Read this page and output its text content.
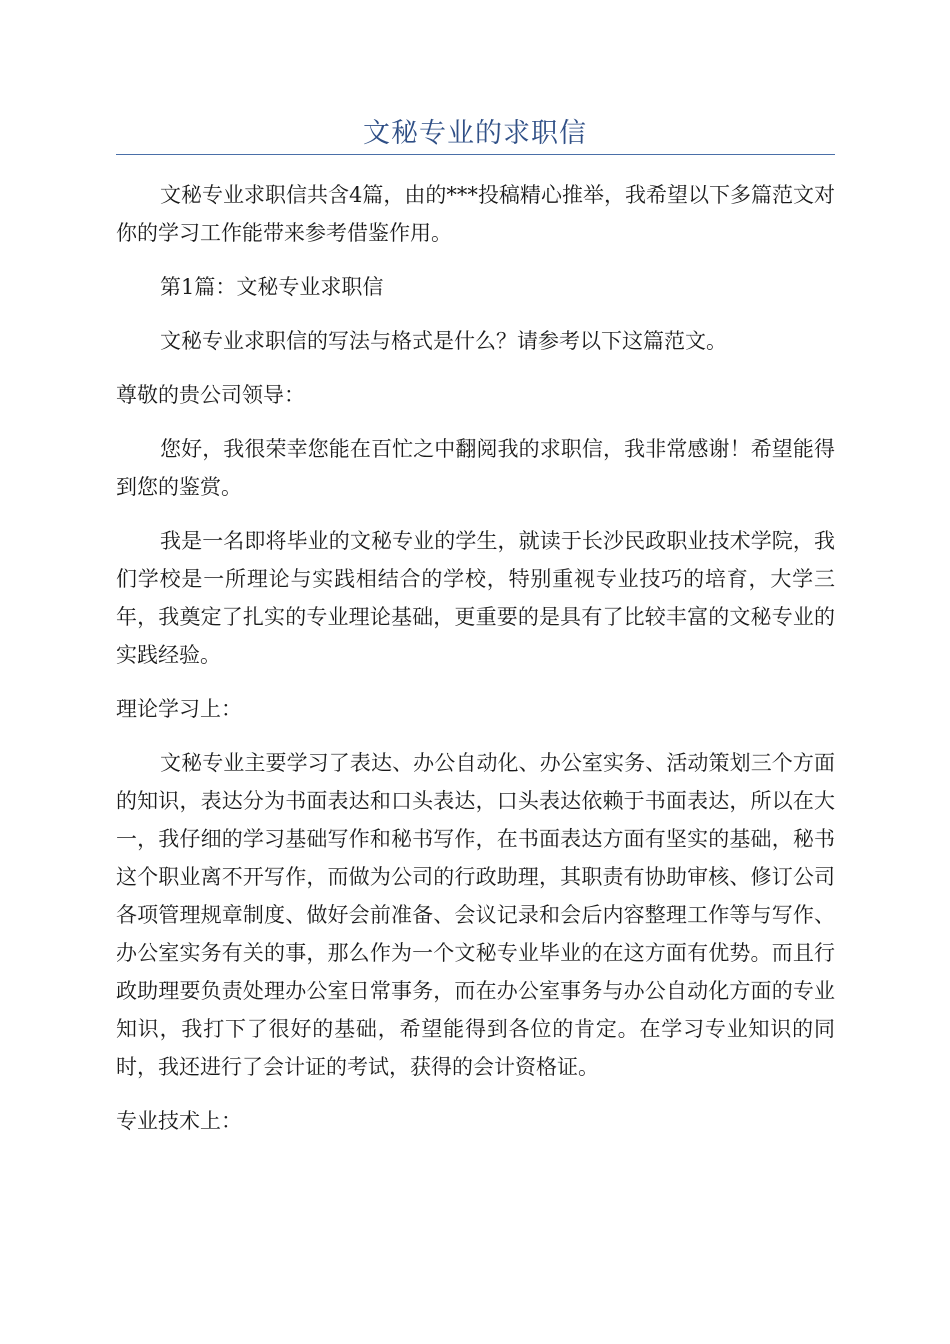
文秘专业的求职信

文秘专业求职信共含4篇，由的***投稿精心推举，我希望以下多篇范文对你的学习工作能带来参考借鉴作用。

第1篇：文秘专业求职信

文秘专业求职信的写法与格式是什么？请参考以下这篇范文。

尊敬的贵公司领导：

您好，我很荣幸您能在百忙之中翻阅我的求职信，我非常感谢！希望能得到您的鉴赏。

我是一名即将毕业的文秘专业的学生，就读于长沙民政职业技术学院，我们学校是一所理论与实践相结合的学校，特别重视专业技巧的培育，大学三年，我奠定了扎实的专业理论基础，更重要的是具有了比较丰富的文秘专业的实践经验。

理论学习上：

文秘专业主要学习了表达、办公自动化、办公室实务、活动策划三个方面的知识，表达分为书面表达和口头表达，口头表达依赖于书面表达，所以在大一，我仔细的学习基础写作和秘书写作，在书面表达方面有坚实的基础，秘书这个职业离不开写作，而做为公司的行政助理，其职责有协助审核、修订公司各项管理规章制度、做好会前准备、会议记录和会后内容整理工作等与写作、办公室实务有关的事，那么作为一个文秘专业毕业的在这方面有优势。而且行政助理要负责处理办公室日常事务，而在办公室事务与办公自动化方面的专业知识，我打下了很好的基础，希望能得到各位的肯定。在学习专业知识的同时，我还进行了会计证的考试，获得的会计资格证。

专业技术上：
